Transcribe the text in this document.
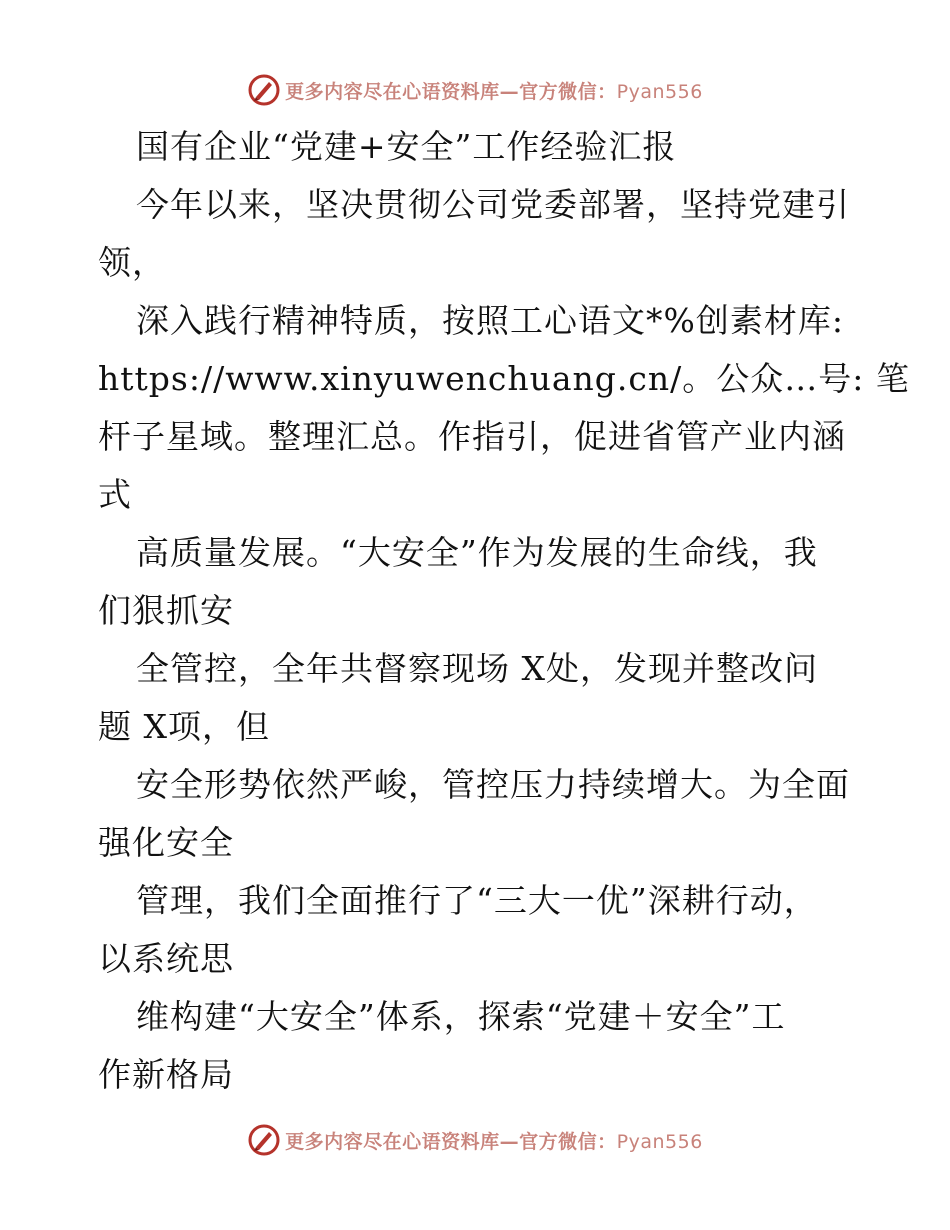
更多内容尽在心语资料库—官方微信：Pyan556
国有企业“党建+安全”工作经验汇报
今年以来，坚决贯彻公司党委部署，坚持党建引
领，
深入践行精神特质，按照工心语文*%创素材库:
https://www.xinyuwenchuang.cn/。公众…号: 笔
杆子星域。整理汇总。作指引，促进省管产业内涵
式
高质量发展。“大安全”作为发展的生命线，我
们狠抓安
全管控，全年共督察现场 X处，发现并整改问
题 X项，但
安全形势依然严峻，管控压力持续增大。为全面
强化安全
管理，我们全面推行了“三大一优”深耕行动，
以系统思
维构建“大安全”体系，探索“党建＋安全”工
作新格局
更多内容尽在心语资料库—官方微信：Pyan556
